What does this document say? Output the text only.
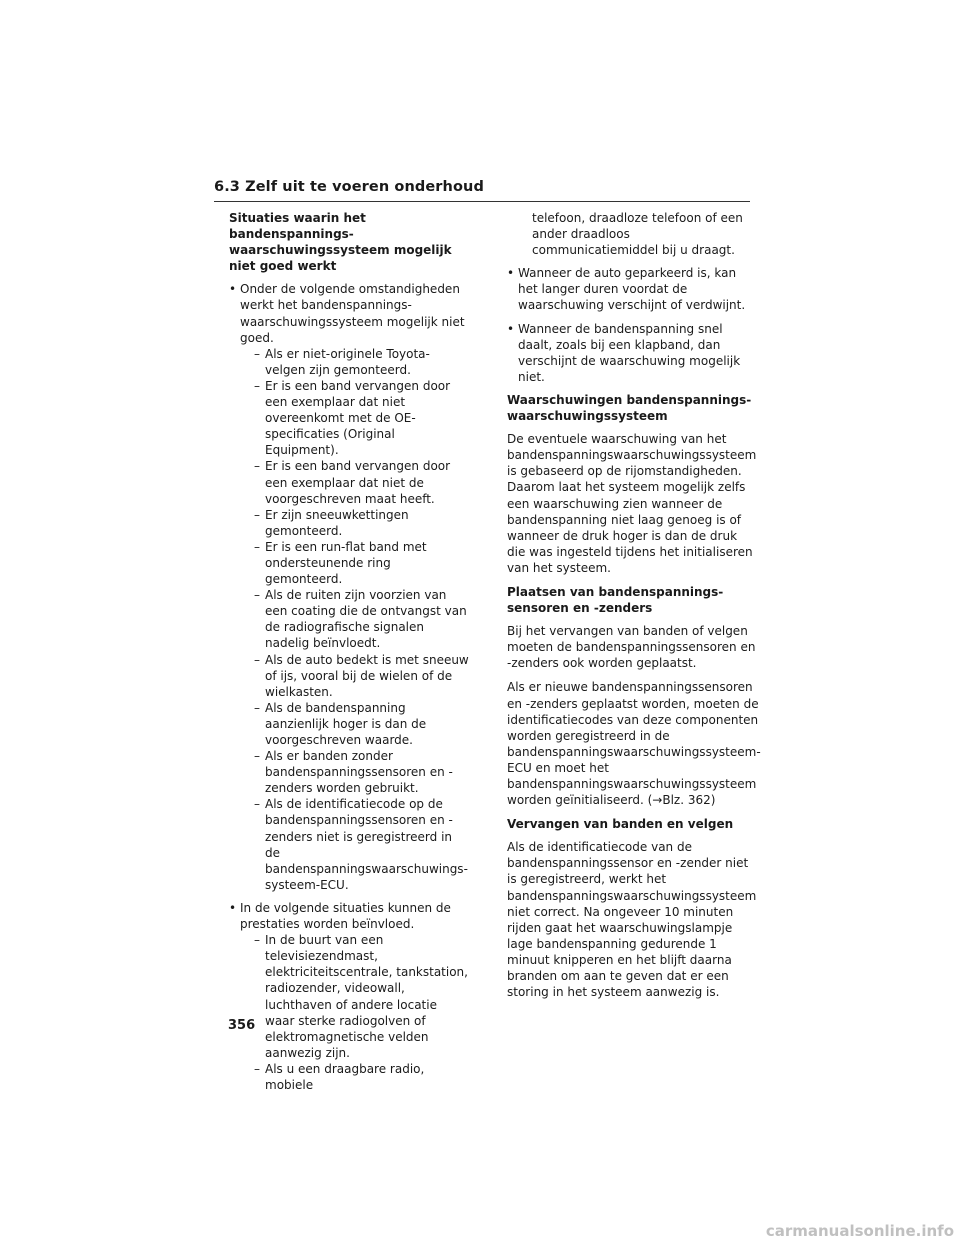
6.3 Zelf uit te voeren onderhoud
Situaties waarin het bandenspannings-waarschuwingssysteem mogelijk niet goed werkt
• Onder de volgende omstandigheden werkt het bandenspannings-waarschuwingssysteem mogelijk niet goed.
– Als er niet-originele Toyota-velgen zijn gemonteerd.
– Er is een band vervangen door een exemplaar dat niet overeenkomt met de OE-specificaties (Original Equipment).
– Er is een band vervangen door een exemplaar dat niet de voorgeschreven maat heeft.
– Er zijn sneeuwkettingen gemonteerd.
– Er is een run-flat band met ondersteunende ring gemonteerd.
– Als de ruiten zijn voorzien van een coating die de ontvangst van de radiografische signalen nadelig beïnvloedt.
– Als de auto bedekt is met sneeuw of ijs, vooral bij de wielen of de wielkasten.
– Als de bandenspanning aanzienlijk hoger is dan de voorgeschreven waarde.
– Als er banden zonder bandenspanningssensoren en -zenders worden gebruikt.
– Als de identificatiecode op de bandenspanningssensoren en -zenders niet is geregistreerd in de bandenspanningswaarschuwings-systeem-ECU.
• In de volgende situaties kunnen de prestaties worden beïnvloed.
– In de buurt van een televisiezendmast, elektriciteitscentrale, tankstation, radiozender, videowall, luchthaven of andere locatie waar sterke radiogolven of elektromagnetische velden aanwezig zijn.
– Als u een draagbare radio, mobiele
telefoon, draadloze telefoon of een ander draadloos communicatiemiddel bij u draagt.
• Wanneer de auto geparkeerd is, kan het langer duren voordat de waarschuwing verschijnt of verdwijnt.
• Wanneer de bandenspanning snel daalt, zoals bij een klapband, dan verschijnt de waarschuwing mogelijk niet.
Waarschuwingen bandenspannings-waarschuwingssysteem
De eventuele waarschuwing van het bandenspanningswaarschuwingssysteem is gebaseerd op de rijomstandigheden. Daarom laat het systeem mogelijk zelfs een waarschuwing zien wanneer de bandenspanning niet laag genoeg is of wanneer de druk hoger is dan de druk die was ingesteld tijdens het initialiseren van het systeem.
Plaatsen van bandenspannings-sensoren en -zenders
Bij het vervangen van banden of velgen moeten de bandenspanningssensoren en -zenders ook worden geplaatst.
Als er nieuwe bandenspanningssensoren en -zenders geplaatst worden, moeten de identificatiecodes van deze componenten worden geregistreerd in de bandenspanningswaarschuwingssysteem-ECU en moet het bandenspanningswaarschuwingssysteem worden geïnitialiseerd. (→Blz. 362)
Vervangen van banden en velgen
Als de identificatiecode van de bandenspanningssensor en -zender niet is geregistreerd, werkt het bandenspanningswaarschuwingssysteem niet correct. Na ongeveer 10 minuten rijden gaat het waarschuwingslampje lage bandenspanning gedurende 1 minuut knipperen en het blijft daarna branden om aan te geven dat er een storing in het systeem aanwezig is.
356
carmanualsonline.info
